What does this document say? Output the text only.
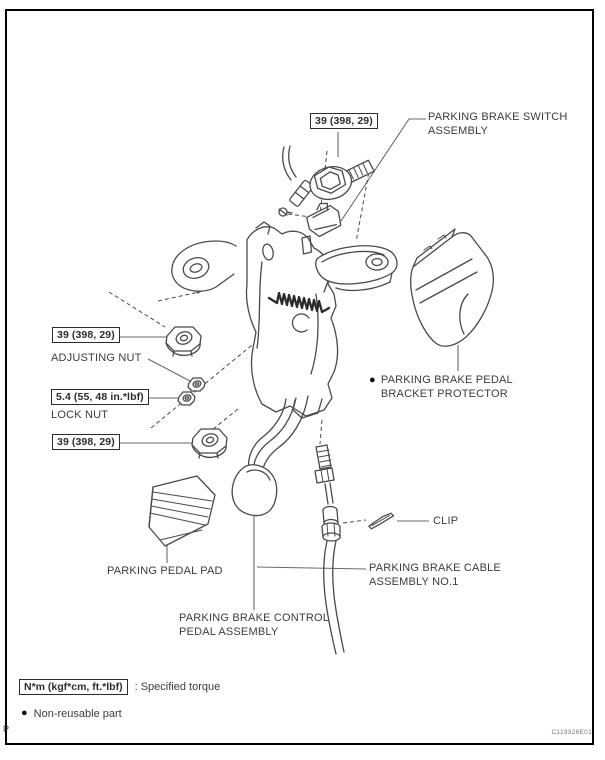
39 (398, 29)	PARKING BRAKE SWITCH
ASSEMBLY
39 (398, 29)
ADJUSTING NUT
5.4 (55, 48 in.*lbf)
LOCK NUT
39 (398, 29)
● PARKING BRAKE PEDAL
BRACKET PROTECTOR
CLIP
PARKING PEDAL PAD	PARKING BRAKE CABLE
ASSEMBLY NO.1
PARKING BRAKE CONTROL
PEDAL ASSEMBLY
N*m (kgf*cm, ft.*lbf)	: Specified torque
● Non-reusable part
P	C119326E01
